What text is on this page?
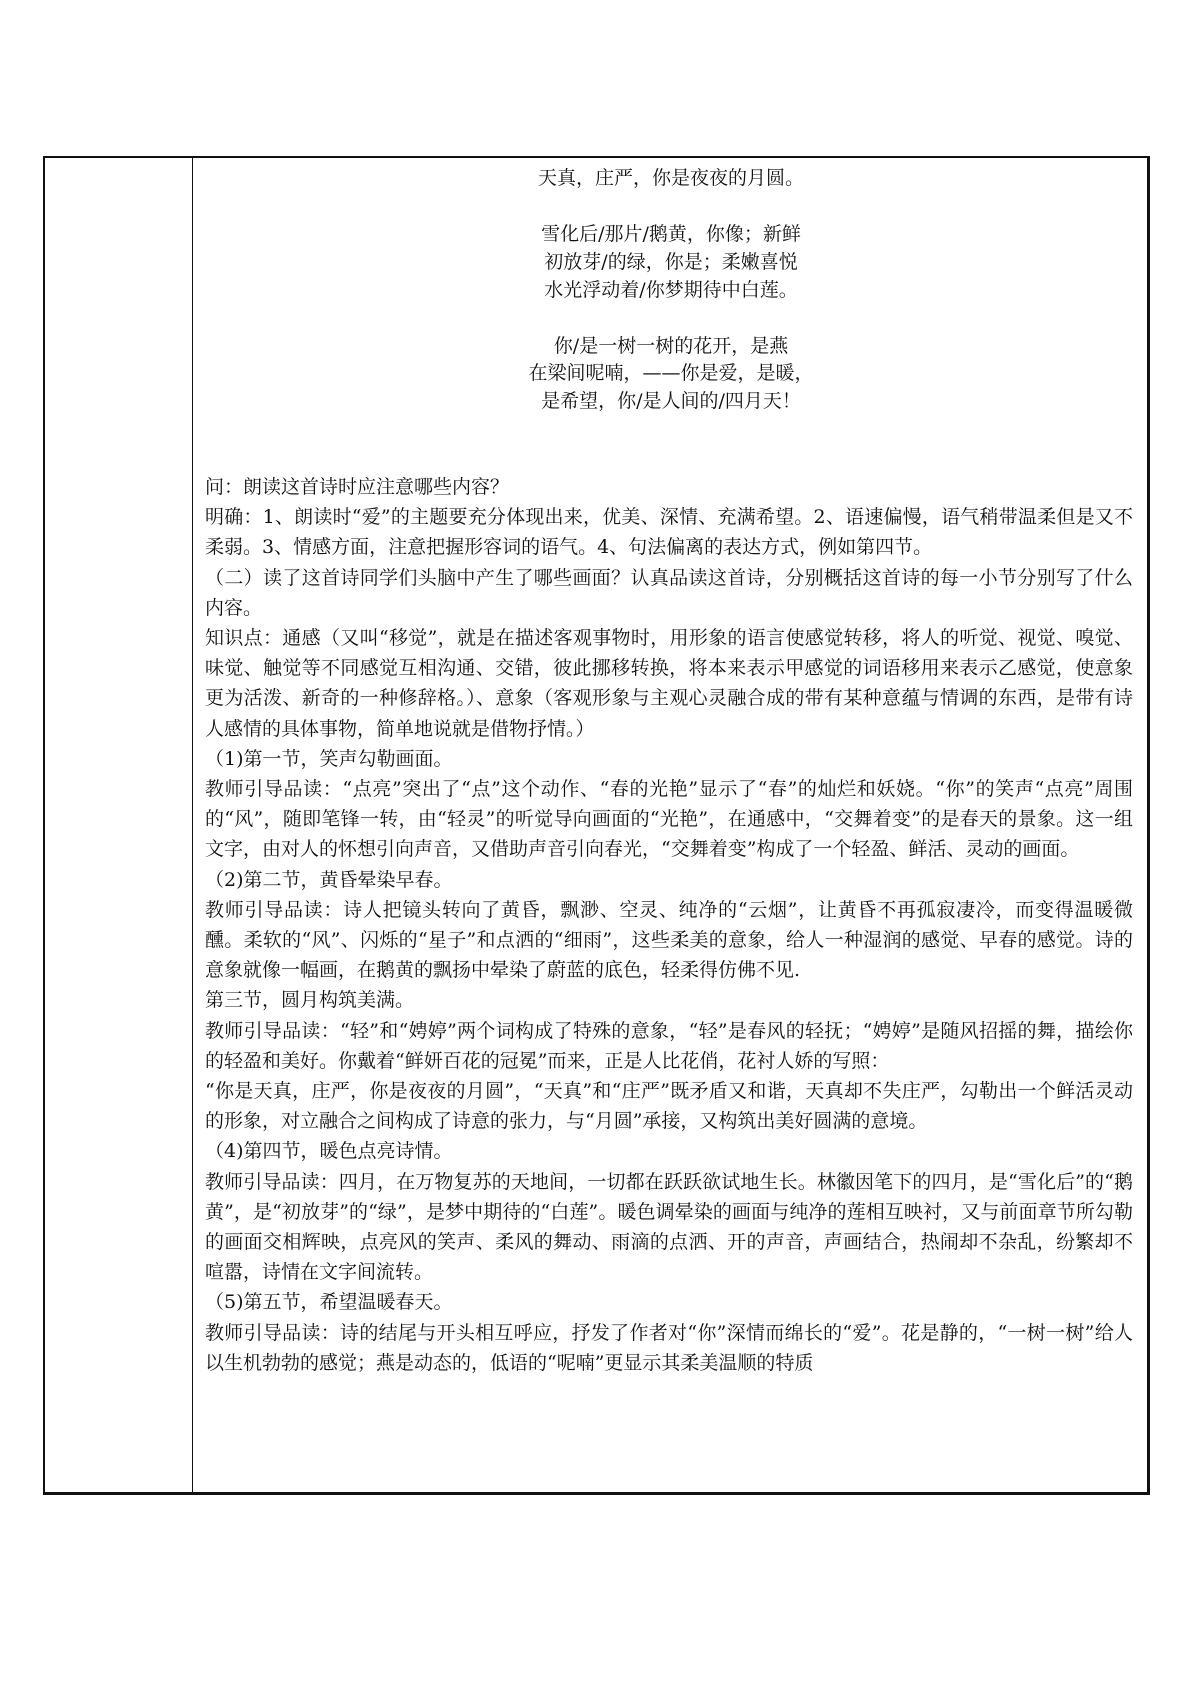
天真，庄严，你是夜夜的月圆。
雪化后/那片/鹅黄，你像；新鲜
初放芽/的绿，你是；柔嫩喜悦
水光浮动着/你梦期待中白莲。
你/是一树一树的花开，是燕
在梁间呢喃，——你是爱，是暖，
是希望，你/是人间的/四月天！

问：朗读这首诗时应注意哪些内容？

明确：1、朗读时“爱”的主题要充分体现出来，优美、深情、充满希望。2、语速偏慢，语气稍带温柔但是又不柔弱。3、情感方面，注意把握形容词的语气。4、句法偏离的表达方式，例如第四节。

（二）读了这首诗同学们头脑中产生了哪些画面？认真品读这首诗，分别概括这首诗的每一小节分别写了什么内容。

知识点：通感（又叫“移觉”，就是在描述客观事物时，用形象的语言使感觉转移，将人的听觉、视觉、嗅觉、味觉、触觉等不同感觉互相沟通、交错，彼此挪移转换，将本来表示甲感觉的词语移用来表示乙感觉，使意象更为活泼、新奇的一种修辞格。）、意象（客观形象与主观心灵融合成的带有某种意蕴与情调的东西，是带有诗人感情的具体事物，简单地说就是借物抒情。）

（1)第一节，笑声勾勒画面。

教师引导品读：“点亮”突出了“点”这个动作、“春的光艳”显示了“春”的灿烂和妖娆。“你”的笑声“点亮”周围的“风”，随即笔锋一转，由“轻灵”的听觉导向画面的“光艳”，在通感中，“交舞着变”的是春天的景象。这一组文字，由对人的怀想引向声音，又借助声音引向春光，“交舞着变”构成了一个轻盈、鲜活、灵动的画面。

（2)第二节，黄昏晕染早春。

教师引导品读：诗人把镜头转向了黄昏，飘渺、空灵、纯净的“云烟”，让黄昏不再孤寂凄冷，而变得温暖微醺。柔软的“风”、闪烁的“星子”和点洒的“细雨”，这些柔美的意象，给人一种湿润的感觉、早春的感觉。诗的意象就像一幅画，在鹅黄的飘扬中晕染了蔚蓝的底色，轻柔得仿佛不见.

第三节，圆月构筑美满。

教师引导品读：“轻”和“娉婷”两个词构成了特殊的意象，“轻”是春风的轻抚；“娉婷”是随风招摇的舞，描绘你的轻盈和美好。你戴着“鲜妍百花的冠冕”而来，正是人比花俏，花衬人娇的写照：

“你是天真，庄严，你是夜夜的月圆”，“天真”和“庄严”既矛盾又和谐，天真却不失庄严，勾勒出一个鲜活灵动的形象，对立融合之间构成了诗意的张力，与“月圆”承接，又构筑出美好圆满的意境。

（4)第四节，暖色点亮诗情。

教师引导品读：四月，在万物复苏的天地间，一切都在跃跃欲试地生长。林徽因笔下的四月，是“雪化后”的“鹅黄”，是“初放芽”的“绿”，是梦中期待的“白莲”。暖色调晕染的画面与纯净的莲相互映衬，又与前面章节所勾勒的画面交相辉映，点亮风的笑声、柔风的舞动、雨滴的点洒、开的声音，声画结合，热闹却不杂乱，纷繁却不喧嚣，诗情在文字间流转。

（5)第五节，希望温暖春天。

教师引导品读：诗的结尾与开头相互呼应，抒发了作者对“你”深情而绵长的“爱”。花是静的，“一树一树”给人以生机勃勃的感觉；燕是动态的，低语的“呢喃”更显示其柔美温顺的特质
